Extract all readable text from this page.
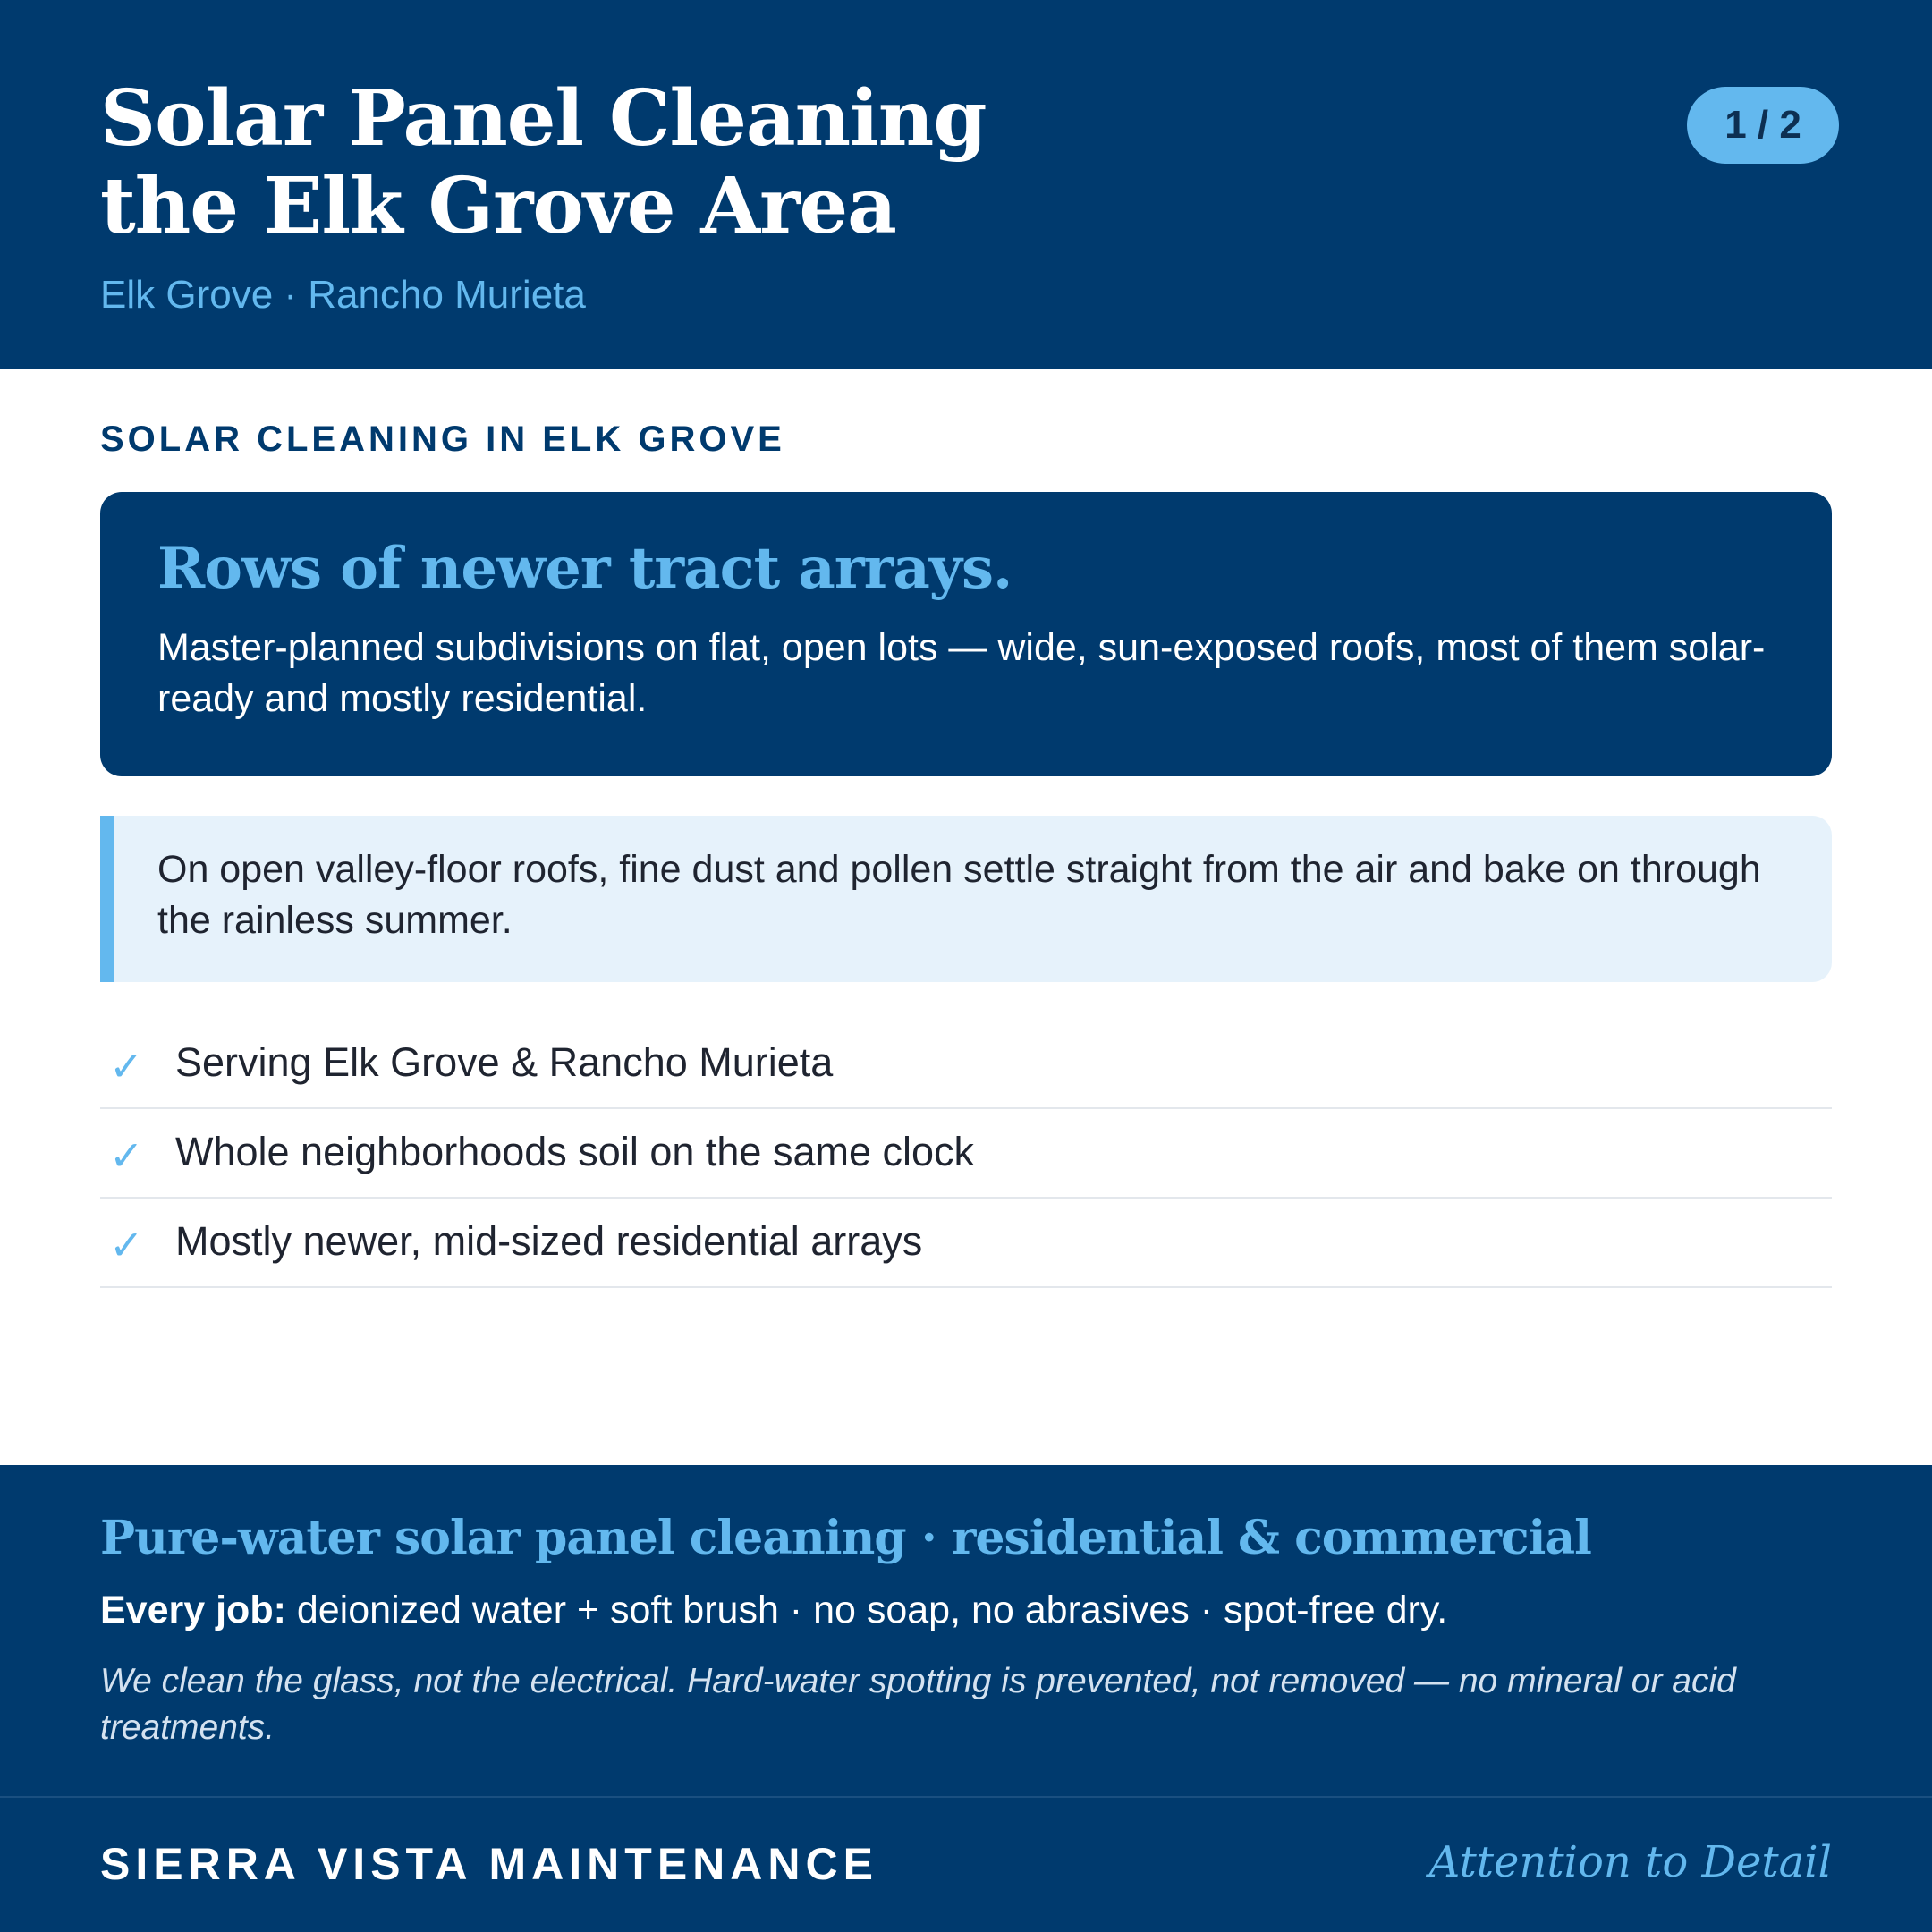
Solar Panel Cleaning
the Elk Grove Area
Elk Grove · Rancho Murieta
1 / 2
SOLAR CLEANING IN ELK GROVE
Rows of newer tract arrays.

Master-planned subdivisions on flat, open lots — wide, sun-exposed roofs, most of them solar-ready and mostly residential.

On open valley-floor roofs, fine dust and pollen settle straight from the air and bake on through the rainless summer.

✓ Serving Elk Grove & Rancho Murieta
✓ Whole neighborhoods soil on the same clock
✓ Mostly newer, mid-sized residential arrays
Pure-water solar panel cleaning · residential & commercial
Every job: deionized water + soft brush · no soap, no abrasives · spot-free dry.

We clean the glass, not the electrical. Hard-water spotting is prevented, not removed — no mineral or acid treatments.

SIERRA VISTA MAINTENANCE	Attention to Detail
